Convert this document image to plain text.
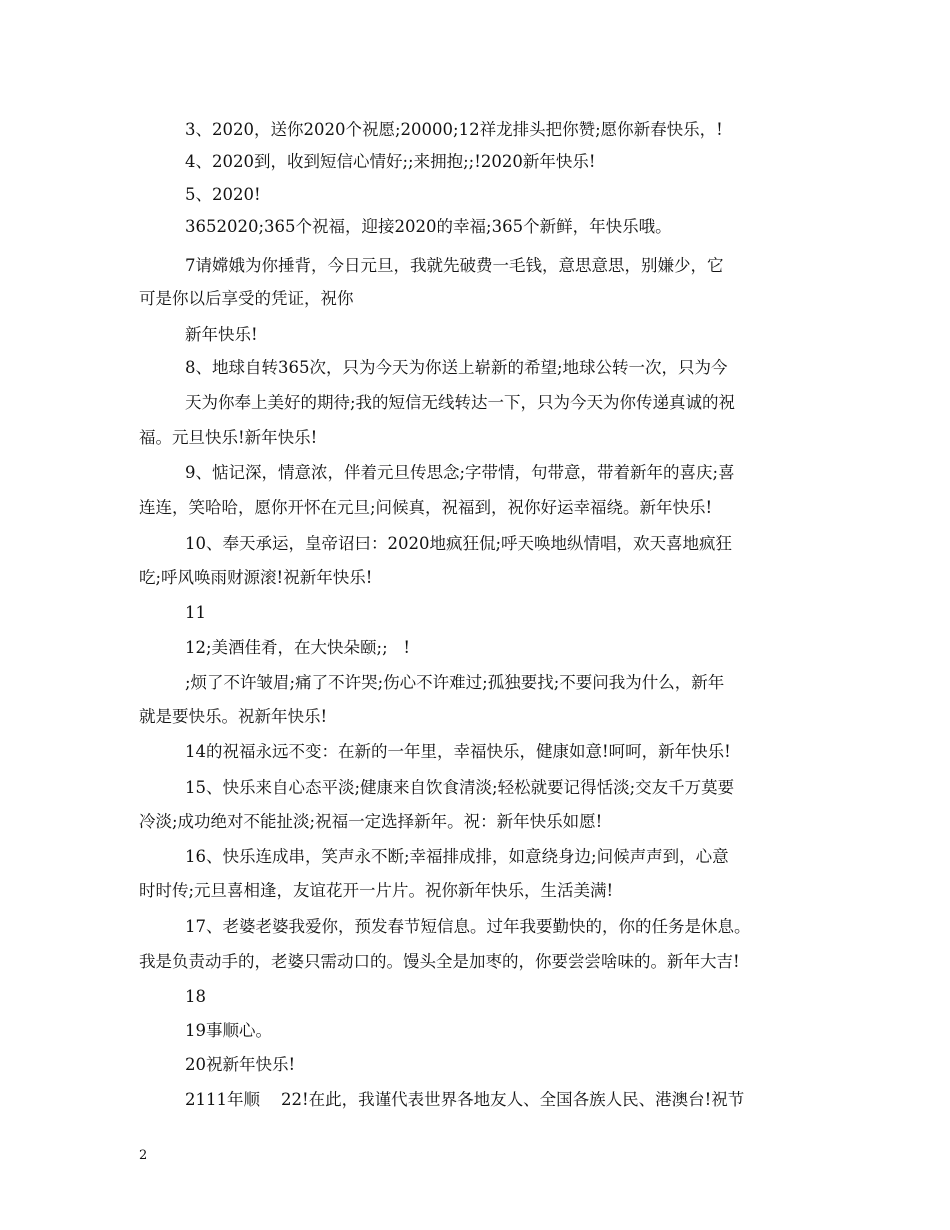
3、2020，送你2020个祝愿;20000;12祥龙排头把你赞;愿你新春快乐，!
4、2020到，收到短信心情好;;来拥抱;;!2020新年快乐!
5、2020!
3652020;365个祝福，迎接2020的幸福;365个新鲜，年快乐哦。
7请嫦娥为你捶背，今日元旦，我就先破费一毛钱，意思意思，别嫌少，它
可是你以后享受的凭证，祝你
新年快乐!
8、地球自转365次，只为今天为你送上崭新的希望;地球公转一次，只为今
天为你奉上美好的期待;我的短信无线转达一下，只为今天为你传递真诚的祝
福。元旦快乐!新年快乐!
9、惦记深，情意浓，伴着元旦传思念;字带情，句带意，带着新年的喜庆;喜
连连，笑哈哈，愿你开怀在元旦;问候真，祝福到，祝你好运幸福绕。新年快乐!
10、奉天承运，皇帝诏曰：2020地疯狂侃;呼天唤地纵情唱，欢天喜地疯狂
吃;呼风唤雨财源滚!祝新年快乐!
11
12;美酒佳肴，在大快朵颐;;   !
;烦了不许皱眉;痛了不许哭;伤心不许难过;孤独要找;不要问我为什么，新年
就是要快乐。祝新年快乐!
14的祝福永远不变：在新的一年里，幸福快乐，健康如意!呵呵，新年快乐!
15、快乐来自心态平淡;健康来自饮食清淡;轻松就要记得恬淡;交友千万莫要
冷淡;成功绝对不能扯淡;祝福一定选择新年。祝：新年快乐如愿!
16、快乐连成串，笑声永不断;幸福排成排，如意绕身边;问候声声到，心意
时时传;元旦喜相逢，友谊花开一片片。祝你新年快乐，生活美满!
17、老婆老婆我爱你，预发春节短信息。过年我要勤快的，你的任务是休息。
我是负责动手的，老婆只需动口的。馒头全是加枣的，你要尝尝啥味的。新年大吉!
18
19事顺心。
20祝新年快乐!
2111年顺    22!在此，我谨代表世界各地友人、全国各族人民、港澳台!祝节
2
